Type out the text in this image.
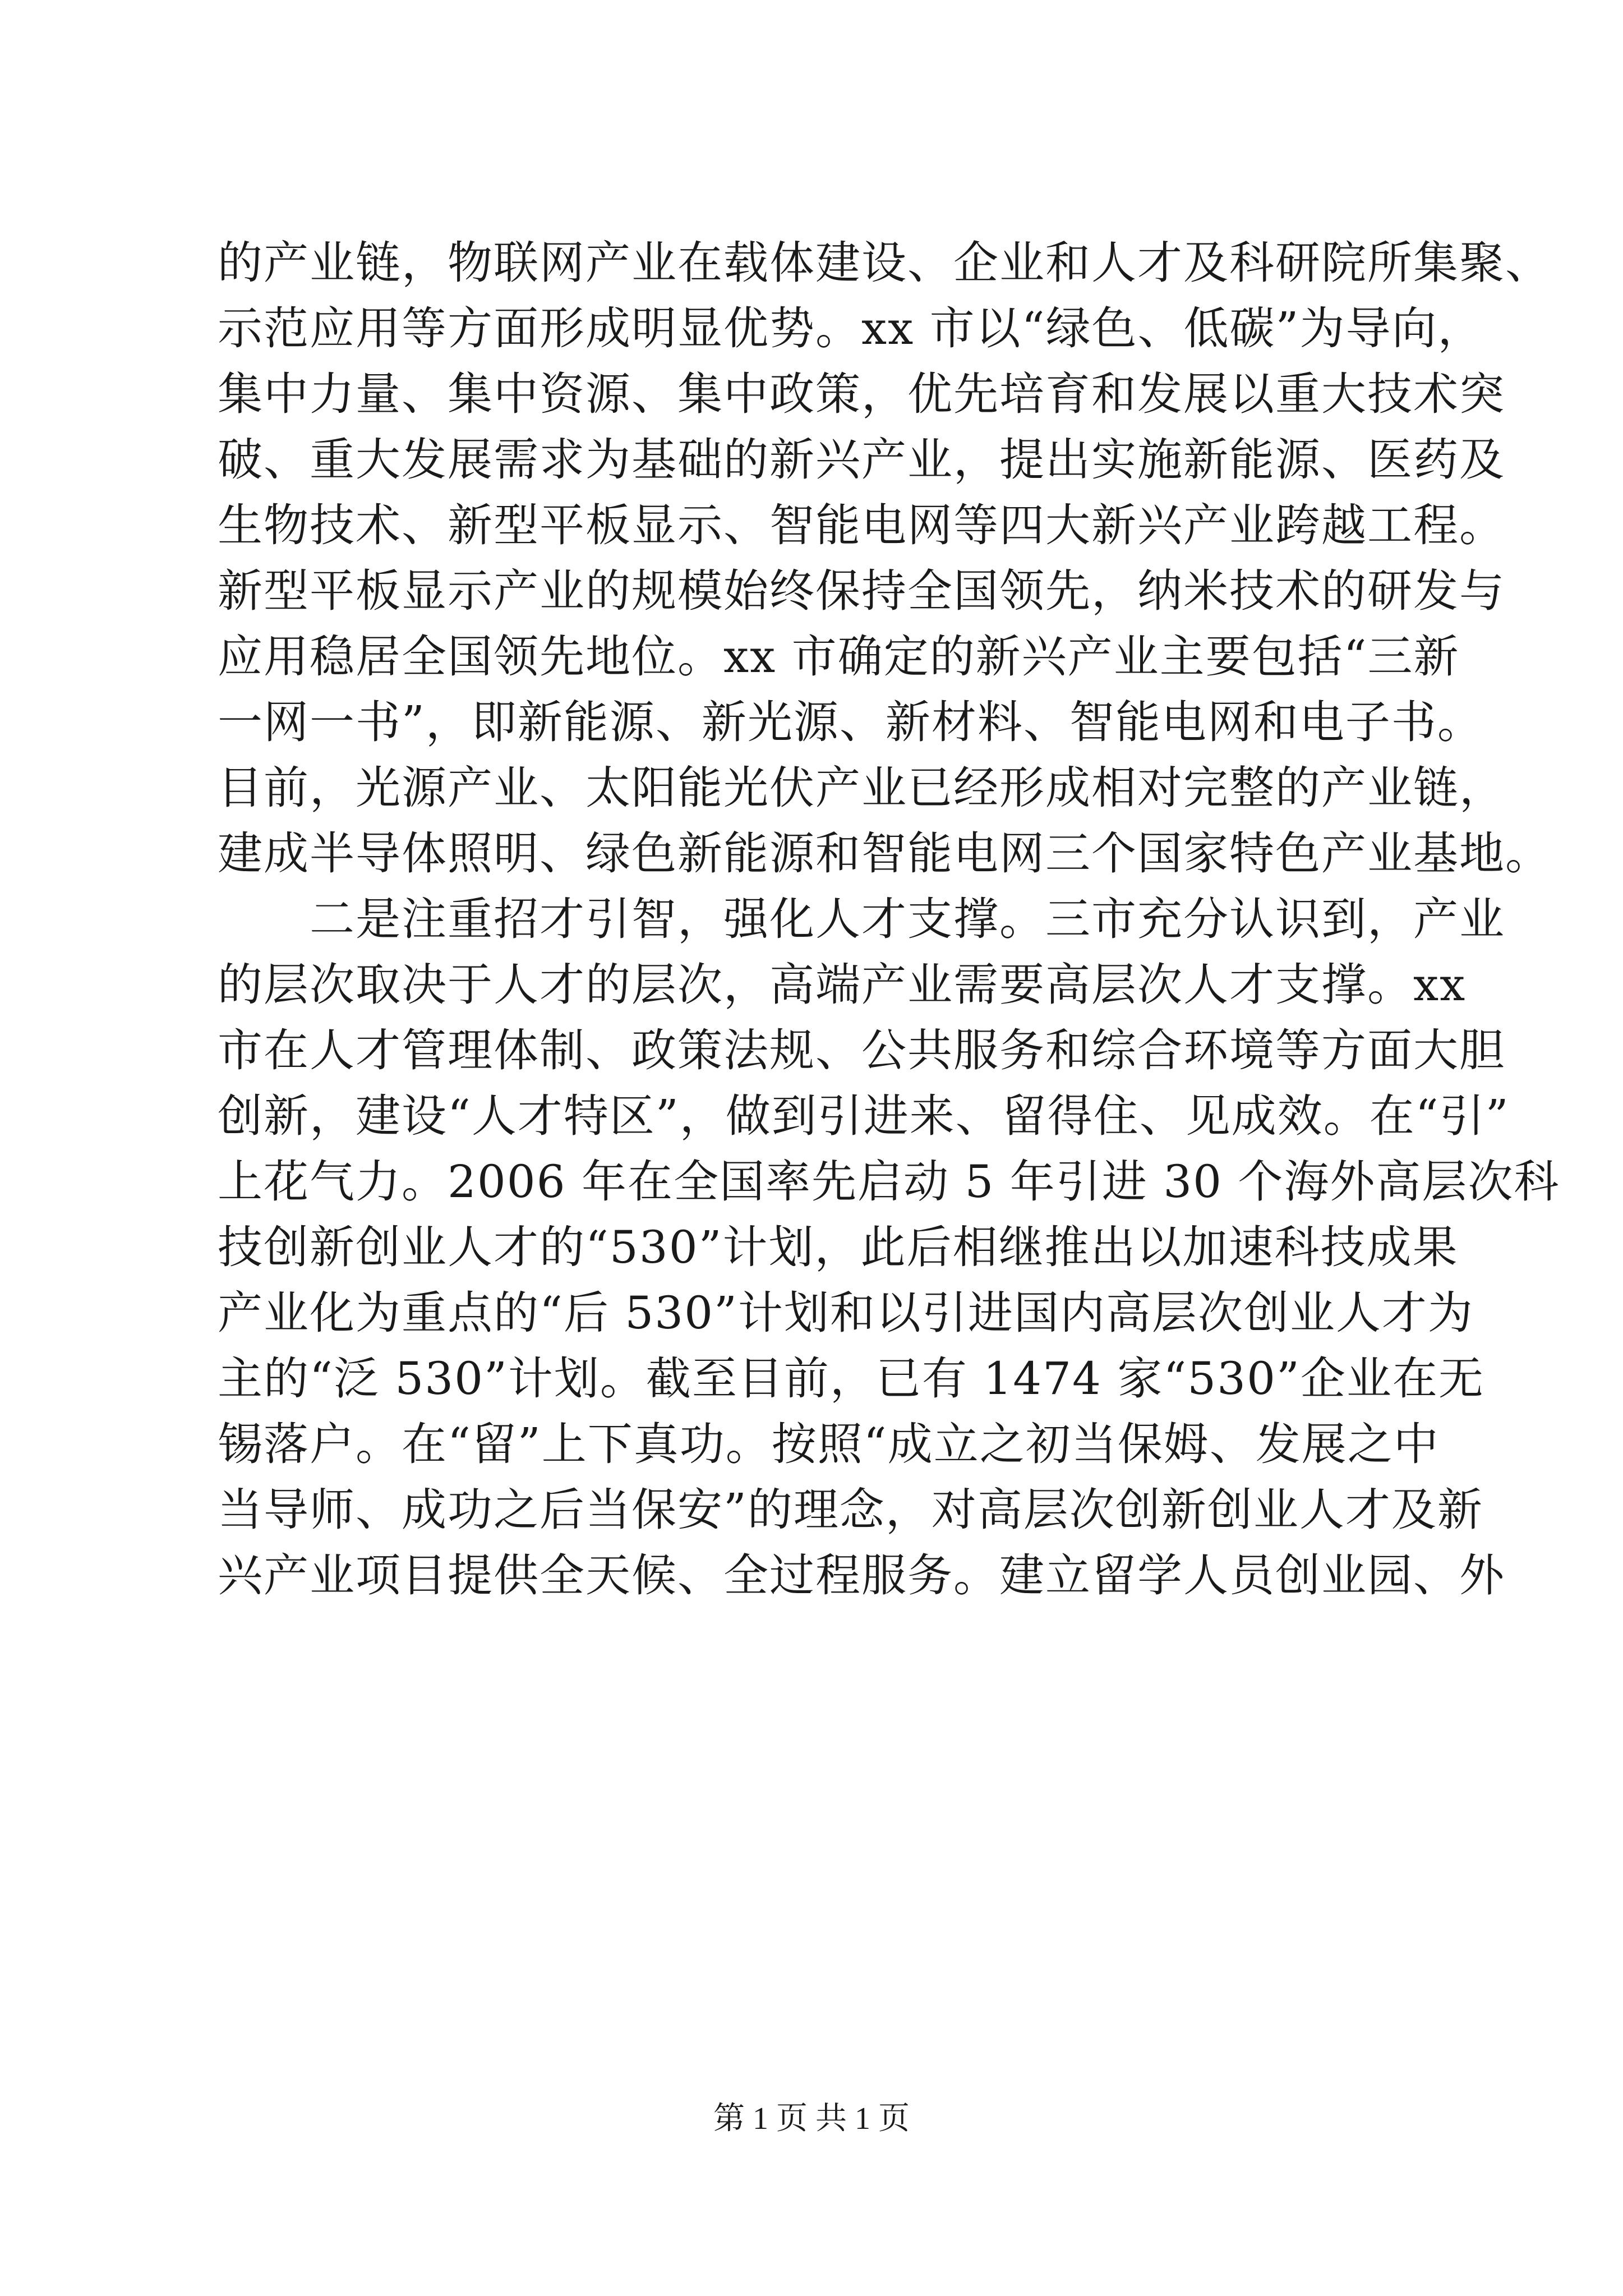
的产业链，物联网产业在载体建设、企业和人才及科研院所集聚、
示范应用等方面形成明显优势。xx 市以“绿色、低碳”为导向，
集中力量、集中资源、集中政策，优先培育和发展以重大技术突
破、重大发展需求为基础的新兴产业，提出实施新能源、医药及
生物技术、新型平板显示、智能电网等四大新兴产业跨越工程。
新型平板显示产业的规模始终保持全国领先，纳米技术的研发与
应用稳居全国领先地位。xx 市确定的新兴产业主要包括“三新
一网一书”，即新能源、新光源、新材料、智能电网和电子书。
目前，光源产业、太阳能光伏产业已经形成相对完整的产业链，
建成半导体照明、绿色新能源和智能电网三个国家特色产业基地。
　　二是注重招才引智，强化人才支撑。三市充分认识到，产业
的层次取决于人才的层次，高端产业需要高层次人才支撑。xx
市在人才管理体制、政策法规、公共服务和综合环境等方面大胆
创新，建设“人才特区”，做到引进来、留得住、见成效。在“引”
上花气力。2006 年在全国率先启动 5 年引进 30 个海外高层次科
技创新创业人才的“530”计划，此后相继推出以加速科技成果
产业化为重点的“后 530”计划和以引进国内高层次创业人才为
主的“泛 530”计划。截至目前，已有 1474 家“530”企业在无
锡落户。在“留”上下真功。按照“成立之初当保姆、发展之中
当导师、成功之后当保安”的理念，对高层次创新创业人才及新
兴产业项目提供全天候、全过程服务。建立留学人员创业园、外
第 1 页 共 1 页
